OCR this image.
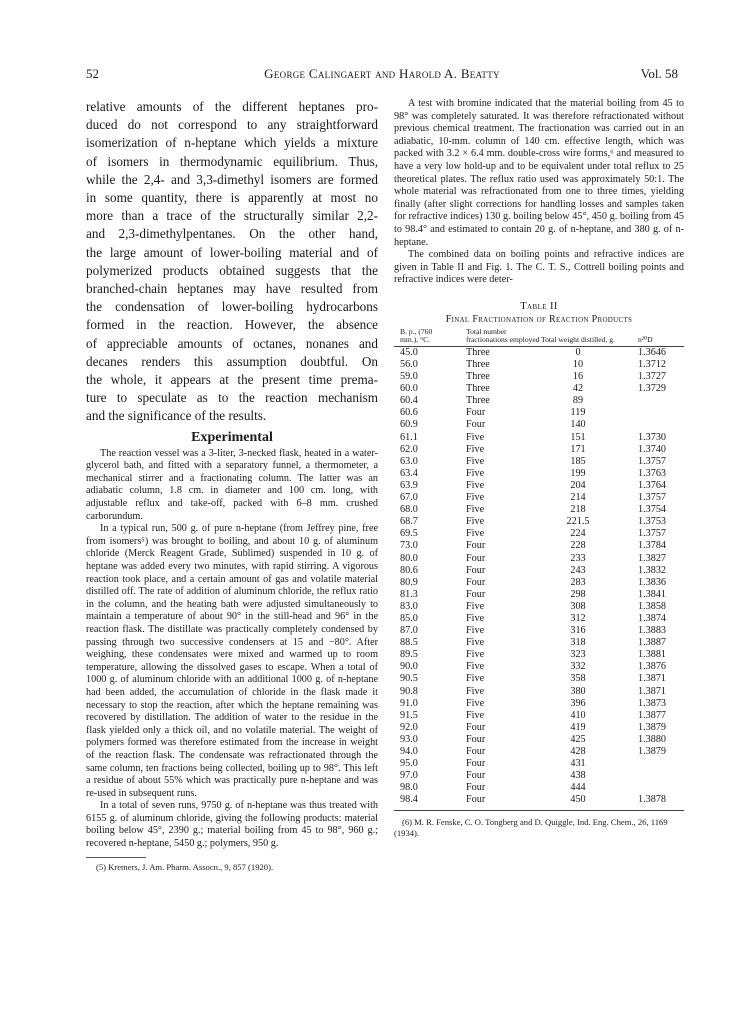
52	George Calingaert and Harold A. Beatty	Vol. 58
relative amounts of the different heptanes pro-
duced do not correspond to any straightforward
isomerization of n-heptane which yields a mixture
of isomers in thermodynamic equilibrium. Thus,
while the 2,4- and 3,3-dimethyl isomers are formed
in some quantity, there is apparently at most no
more than a trace of the structurally similar 2,2-
and 2,3-dimethylpentanes. On the other hand,
the large amount of lower-boiling material and of
polymerized products obtained suggests that the
branched-chain heptanes may have resulted from
the condensation of lower-boiling hydrocarbons
formed in the reaction. However, the absence
of appreciable amounts of octanes, nonanes and
decanes renders this assumption doubtful. On
the whole, it appears at the present time prema-
ture to speculate as to the reaction mechanism
and the significance of the results.
Experimental

The reaction vessel was a 3-liter, 3-necked flask, heated in a water-glycerol bath, and fitted with a separatory funnel, a thermometer, a mechanical stirrer and a fractionating column. The latter was an adiabatic column, 1.8 cm. in diameter and 100 cm. long, with adjustable reflux and take-off, packed with 6–8 mm. crushed carborundum.

In a typical run, 500 g. of pure n-heptane (from Jeffrey pine, free from isomers⁵) was brought to boiling, and about 10 g. of aluminum chloride (Merck Reagent Grade, Sublimed) suspended in 10 g. of heptane was added every two minutes, with rapid stirring. A vigorous reaction took place, and a certain amount of gas and volatile material distilled off. The rate of addition of aluminum chloride, the reflux ratio in the column, and the heating bath were adjusted simultaneously to maintain a temperature of about 90° in the still-head and 96° in the reaction flask. The distillate was practically completely condensed by passing through two successive condensers at 15 and −80°. After weighing, these condensates were mixed and warmed up to room temperature, allowing the dissolved gases to escape. When a total of 1000 g. of aluminum chloride with an additional 1000 g. of n-heptane had been added, the accumulation of chloride in the flask made it necessary to stop the reaction, after which the heptane remaining was recovered by distillation. The addition of water to the residue in the flask yielded only a thick oil, and no volatile material. The weight of polymers formed was therefore estimated from the increase in weight of the reaction flask. The condensate was refractionated through the same column, ten fractions being collected, boiling up to 98°. This left a residue of about 55% which was practically pure n-heptane and was re-used in subsequent runs.

In a total of seven runs, 9750 g. of n-heptane was thus treated with 6155 g. of aluminum chloride, giving the following products: material boiling below 45°, 2390 g.; material boiling from 45 to 98°, 960 g.; recovered n-heptane, 5450 g.; polymers, 950 g.

(5) Kremers, J. Am. Pharm. Assocn., 9, 857 (1920).

A test with bromine indicated that the material boiling from 45 to 98° was completely saturated. It was therefore refractionated without previous chemical treatment. The fractionation was carried out in an adiabatic, 10-mm. column of 140 cm. effective length, which was packed with 3.2 × 6.4 mm. double-cross wire forms,⁶ and measured to have a very low hold-up and to be equivalent under total reflux to 25 theoretical plates. The reflux ratio used was approximately 50:1. The whole material was refractionated from one to three times, yielding finally (after slight corrections for handling losses and samples taken for refractive indices) 130 g. boiling below 45°, 450 g. boiling from 45 to 98.4° and estimated to contain 20 g. of n-heptane, and 380 g. of n-heptane.

The combined data on boiling points and refractive indices are given in Table II and Fig. 1. The C. T. S., Cottrell boiling points and refractive indices were deter-

Table II
Final Fractionation of Reaction Products
B. p., (760 mm.), °C.	Total number fractionations employed	Total weight distilled, g.	n²⁰D
45.0	Three	0	1.3646
56.0	Three	10	1.3712
59.0	Three	16	1.3727
60.0	Three	42	1.3729
60.4	Three	89	
60.6	Four	119	
60.9	Four	140	
61.1	Five	151	1.3730
62.0	Five	171	1.3740
63.0	Five	185	1.3757
63.4	Five	199	1.3763
63.9	Five	204	1.3764
67.0	Five	214	1.3757
68.0	Five	218	1.3754
68.7	Five	221.5	1.3753
69.5	Five	224	1.3757
73.0	Four	228	1.3784
80.0	Four	233	1.3827
80.6	Four	243	1.3832
80.9	Four	283	1.3836
81.3	Four	298	1.3841
83.0	Five	308	1.3858
85.0	Five	312	1.3874
87.0	Five	316	1.3883
88.5	Five	318	1.3887
89.5	Five	323	1.3881
90.0	Five	332	1.3876
90.5	Five	358	1.3871
90.8	Five	380	1.3871
91.0	Five	396	1.3873
91.5	Five	410	1.3877
92.0	Four	419	1.3879
93.0	Four	425	1.3880
94.0	Four	428	1.3879
95.0	Four	431	
97.0	Four	438	
98.0	Four	444	
98.4	Four	450	1.3878

(6) M. R. Fenske, C. O. Tongberg and D. Quiggle, Ind. Eng. Chem., 26, 1169 (1934).
